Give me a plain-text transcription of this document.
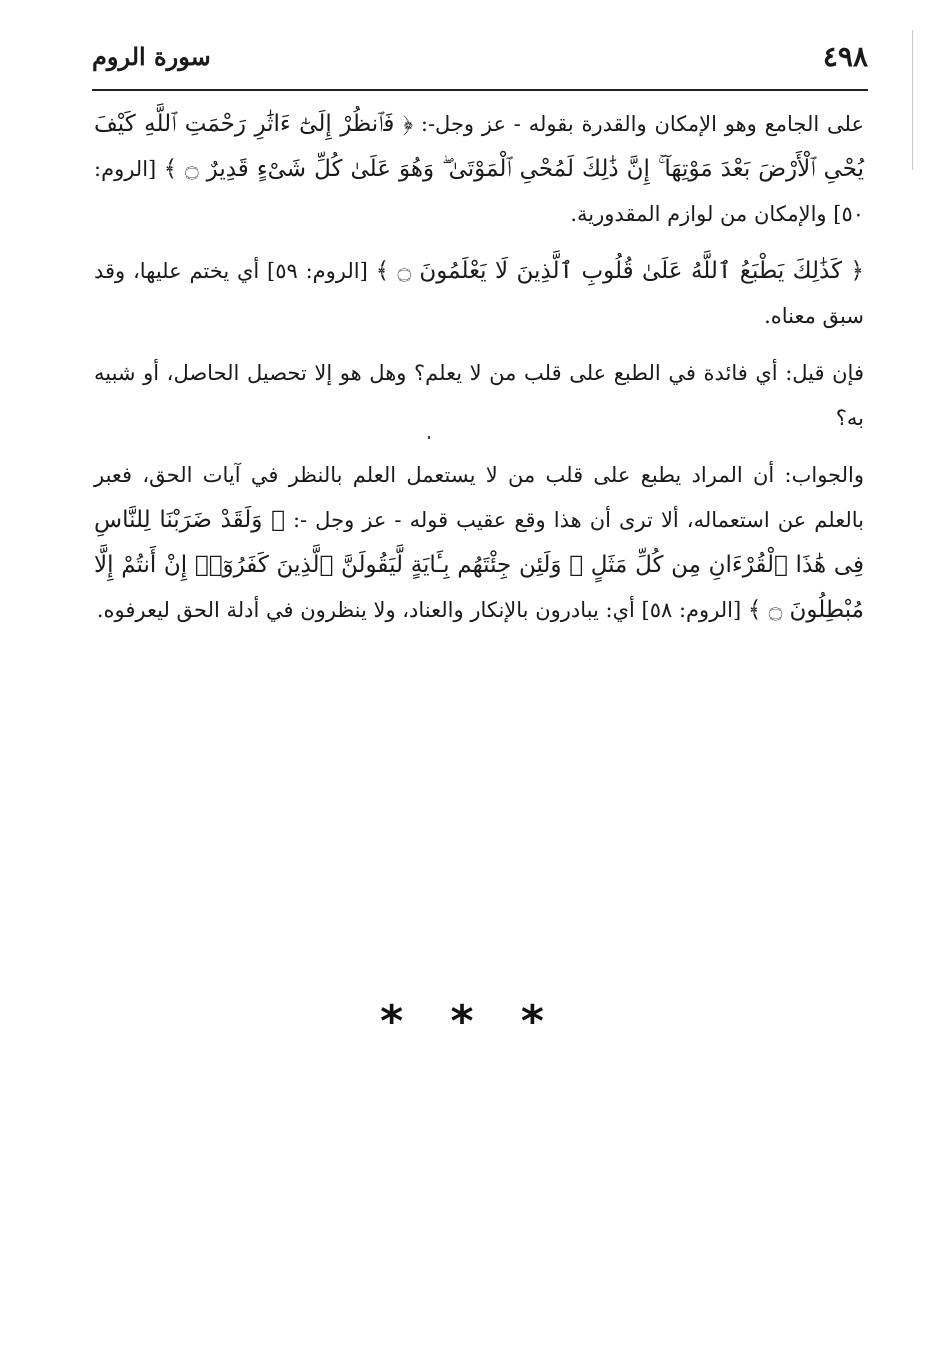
٤٩٨
سورة الروم

على الجامع وهو الإمكان والقدرة بقوله - عز وجل-: ﴿ فَٱنظُرْ إِلَىٰٓ ءَاثَٰرِ رَحْمَتِ ٱللَّهِ كَيْفَ يُحْىِ ٱلْأَرْضَ بَعْدَ مَوْتِهَآ ۚ إِنَّ ذَٰلِكَ لَمُحْىِ ٱلْمَوْتَىٰ ۖ وَهُوَ عَلَىٰ كُلِّ شَىْءٍ قَدِيرٌ ۝ ﴾ [الروم: ٥٠] والإمكان من لوازم المقدورية.

﴿ كَذَٰلِكَ يَطْبَعُ ٱللَّهُ عَلَىٰ قُلُوبِ ٱلَّذِينَ لَا يَعْلَمُونَ ۝ ﴾ [الروم: ٥٩] أي يختم عليها، وقد سبق معناه.

فإن قيل: أي فائدة في الطبع على قلب من لا يعلم؟ وهل هو إلا تحصيل الحاصل، أو شبيه به؟

والجواب: أن المراد يطبع على قلب من لا يستعمل العلم بالنظر في آيات الحق، فعبر بالعلم عن استعماله، ألا ترى أن هذا وقع عقيب قوله - عز وجل -: ﴿ وَلَقَدْ ضَرَبْنَا لِلنَّاسِ فِى هَٰذَا ٱلْقُرْءَانِ مِن كُلِّ مَثَلٍ ۚ وَلَئِن جِئْتَهُم بِـَٔايَةٍ لَّيَقُولَنَّ ٱلَّذِينَ كَفَرُوٓا۟ إِنْ أَنتُمْ إِلَّا مُبْطِلُونَ ۝ ﴾ [الروم: ٥٨] أي: يبادرون بالإنكار والعناد، ولا ينظرون في أدلة الحق ليعرفوه.

* * *
